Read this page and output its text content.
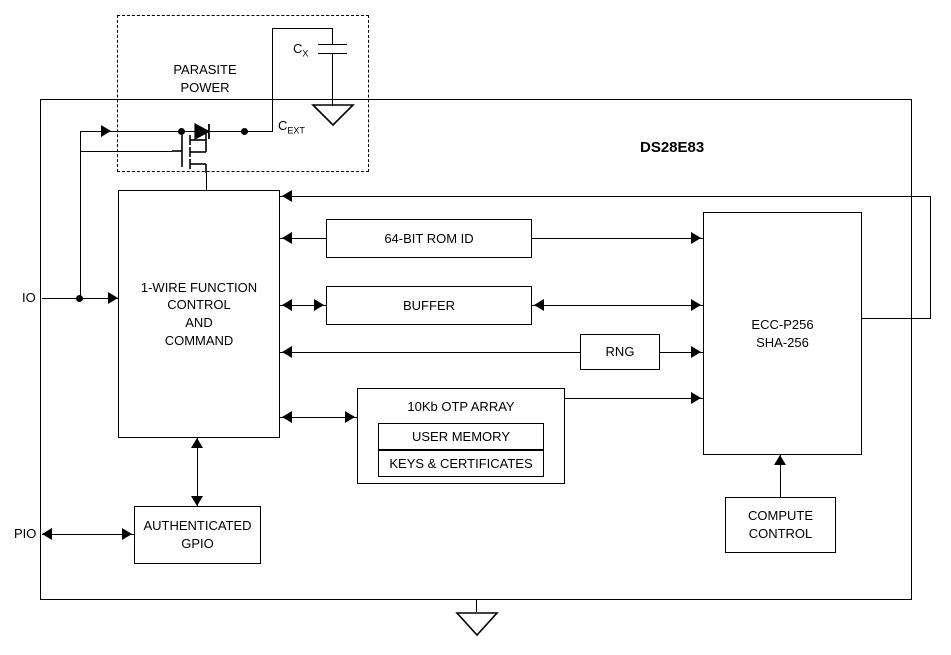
DS28E83
PARASITE
POWER
$C_X$
$C_{EXT}$
IO
1-WIRE FUNCTION
CONTROL
AND
COMMAND
64-BIT ROM ID
BUFFER
RNG
10Kb OTP ARRAY
USER MEMORY
KEYS & CERTIFICATES
ECC-P256
SHA-256
COMPUTE
CONTROL
AUTHENTICATED
GPIO
PIO
